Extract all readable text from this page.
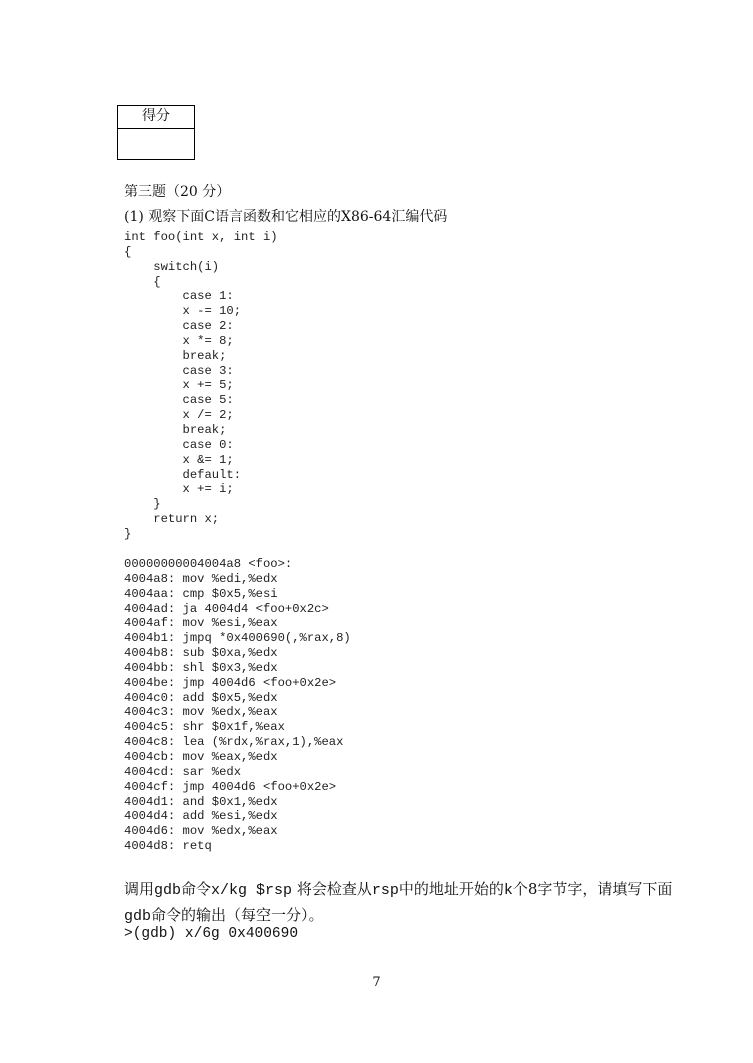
得分
第三题（20 分）
(1) 观察下面C语言函数和它相应的X86-64汇编代码
int foo(int x, int i)
{
switch(i)
{
case 1:
x -= 10;
case 2:
x *= 8;
break;
case 3:
x += 5;
case 5:
x /= 2;
break;
case 0:
x &= 1;
default:
x += i;
}
return x;
}
00000000004004a8 <foo>:
4004a8: mov %edi,%edx
4004aa: cmp $0x5,%esi
4004ad: ja 4004d4 <foo+0x2c>
4004af: mov %esi,%eax
4004b1: jmpq *0x400690(,%rax,8)
4004b8: sub $0xa,%edx
4004bb: shl $0x3,%edx
4004be: jmp 4004d6 <foo+0x2e>
4004c0: add $0x5,%edx
4004c3: mov %edx,%eax
4004c5: shr $0x1f,%eax
4004c8: lea (%rdx,%rax,1),%eax
4004cb: mov %eax,%edx
4004cd: sar %edx
4004cf: jmp 4004d6 <foo+0x2e>
4004d1: and $0x1,%edx
4004d4: add %esi,%edx
4004d6: mov %edx,%eax
4004d8: retq
调用gdb命令x/kg $rsp 将会检查从rsp中的地址开始的k个8字节字，请填写下面gdb命令的输出（每空一分）。
>(gdb) x/6g 0x400690
7
